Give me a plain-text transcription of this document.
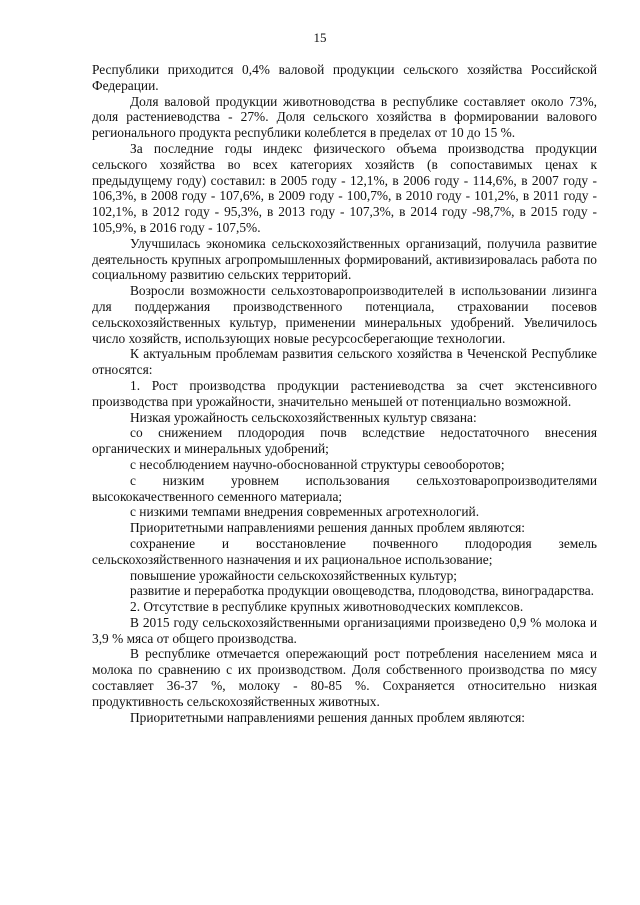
15

Республики приходится 0,4% валовой продукции сельского хозяйства Российской Федерации.

Доля валовой продукции животноводства в республике составляет около 73%, доля растениеводства - 27%. Доля сельского хозяйства в формировании валового регионального продукта республики колеблется в пределах от 10 до 15 %.

За последние годы индекс физического объема производства продукции сельского хозяйства во всех категориях хозяйств (в сопоставимых ценах к предыдущему году) составил: в 2005 году - 12,1%, в 2006 году - 114,6%, в 2007 году - 106,3%, в 2008 году - 107,6%, в 2009 году - 100,7%, в 2010 году - 101,2%, в 2011 году - 102,1%, в 2012 году - 95,3%, в 2013 году - 107,3%, в 2014 году -98,7%, в 2015 году - 105,9%, в 2016 году - 107,5%.

Улучшилась экономика сельскохозяйственных организаций, получила развитие деятельность крупных агропромышленных формирований, активизировалась работа по социальному развитию сельских территорий.

Возросли возможности сельхозтоваропроизводителей в использовании лизинга для поддержания производственного потенциала, страховании посевов сельскохозяйственных культур, применении минеральных удобрений. Увеличилось число хозяйств, использующих новые ресурсосберегающие технологии.

К актуальным проблемам развития сельского хозяйства в Чеченской Республике относятся:

1. Рост производства продукции растениеводства за счет экстенсивного производства при урожайности, значительно меньшей от потенциально возможной.

Низкая урожайность сельскохозяйственных культур связана:

со снижением плодородия почв вследствие недостаточного внесения органических и минеральных удобрений;

с несоблюдением научно-обоснованной структуры севооборотов;

с низким уровнем использования сельхозтоваропроизводителями высококачественного семенного материала;

с низкими темпами внедрения современных агротехнологий.

Приоритетными направлениями решения данных проблем являются:

сохранение и восстановление почвенного плодородия земель сельскохозяйственного назначения и их рациональное использование;

повышение урожайности сельскохозяйственных культур;

развитие и переработка продукции овощеводства, плодоводства, виноградарства.

2. Отсутствие в республике крупных животноводческих комплексов.

В 2015 году сельскохозяйственными организациями произведено 0,9 % молока и 3,9 % мяса от общего производства.

В республике отмечается опережающий рост потребления населением мяса и молока по сравнению с их производством. Доля собственного производства по мясу составляет 36-37 %, молоку - 80-85 %. Сохраняется относительно низкая продуктивность сельскохозяйственных животных.

Приоритетными направлениями решения данных проблем являются:
